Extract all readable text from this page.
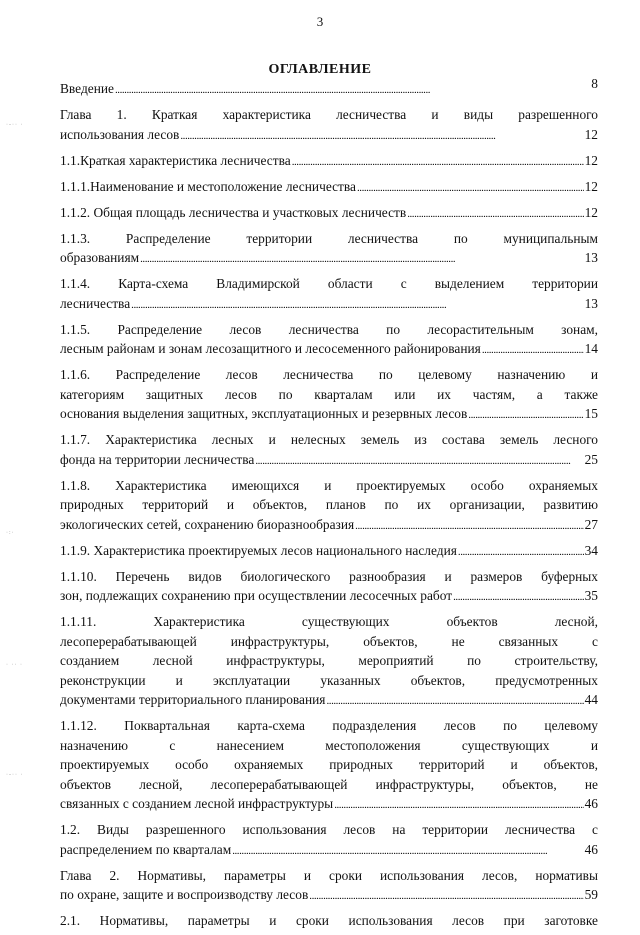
3
ОГЛАВЛЕНИЕ
·-·· ·
·:·
· ·· ·
·-·· ·
Введение . . .	8
Глава 1. Краткая характеристика лесничества и виды разрешенного
использования лесов . . .	12
1.1.Краткая характеристика лесничества . . .	12
1.1.1.Наименование и местоположение лесничества . . .	12
1.1.2. Общая площадь лесничества и участковых лесничеств . . .	12
1.1.3. Распределение территории лесничества по муниципальным
образованиям . . .	13
1.1.4. Карта-схема Владимирской области с выделением территории
лесничества . . .	13
1.1.5. Распределение лесов лесничества по лесорастительным зонам,
лесным районам и зонам лесозащитного и лесосеменного районирования . . .	14
1.1.6. Распределение лесов лесничества по целевому назначению и
категориям защитных лесов по кварталам или их частям, а также
основания выделения защитных, эксплуатационных и резервных лесов . . .	15
1.1.7. Характеристика лесных и нелесных земель из состава земель лесного
фонда на территории лесничества . . .	25
1.1.8. Характеристика имеющихся и проектируемых особо охраняемых
природных территорий и объектов, планов по их организации, развитию
экологических сетей, сохранению биоразнообразия . . .	27
1.1.9. Характеристика проектируемых лесов национального наследия . . .	34
1.1.10. Перечень видов биологического разнообразия и размеров буферных
зон, подлежащих сохранению при осуществлении лесосечных работ . . .	35
1.1.11. Характеристика существующих объектов лесной,
лесоперерабатывающей инфраструктуры, объектов, не связанных с
созданием лесной инфраструктуры, мероприятий по строительству,
реконструкции и эксплуатации указанных объектов, предусмотренных
документами территориального планирования . . .	44
1.1.12. Поквартальная карта-схема подразделения лесов по целевому
назначению с нанесением местоположения существующих и
проектируемых особо охраняемых природных территорий и объектов,
объектов лесной, лесоперерабатывающей инфраструктуры, объектов, не
связанных с созданием лесной инфраструктуры . . .	46
1.2. Виды разрешенного использования лесов на территории лесничества с
распределением по кварталам . . .	46
Глава 2. Нормативы, параметры и сроки использования лесов, нормативы
по охране, защите и воспроизводству лесов . . .	59
2.1. Нормативы, параметры и сроки использования лесов при заготовке
